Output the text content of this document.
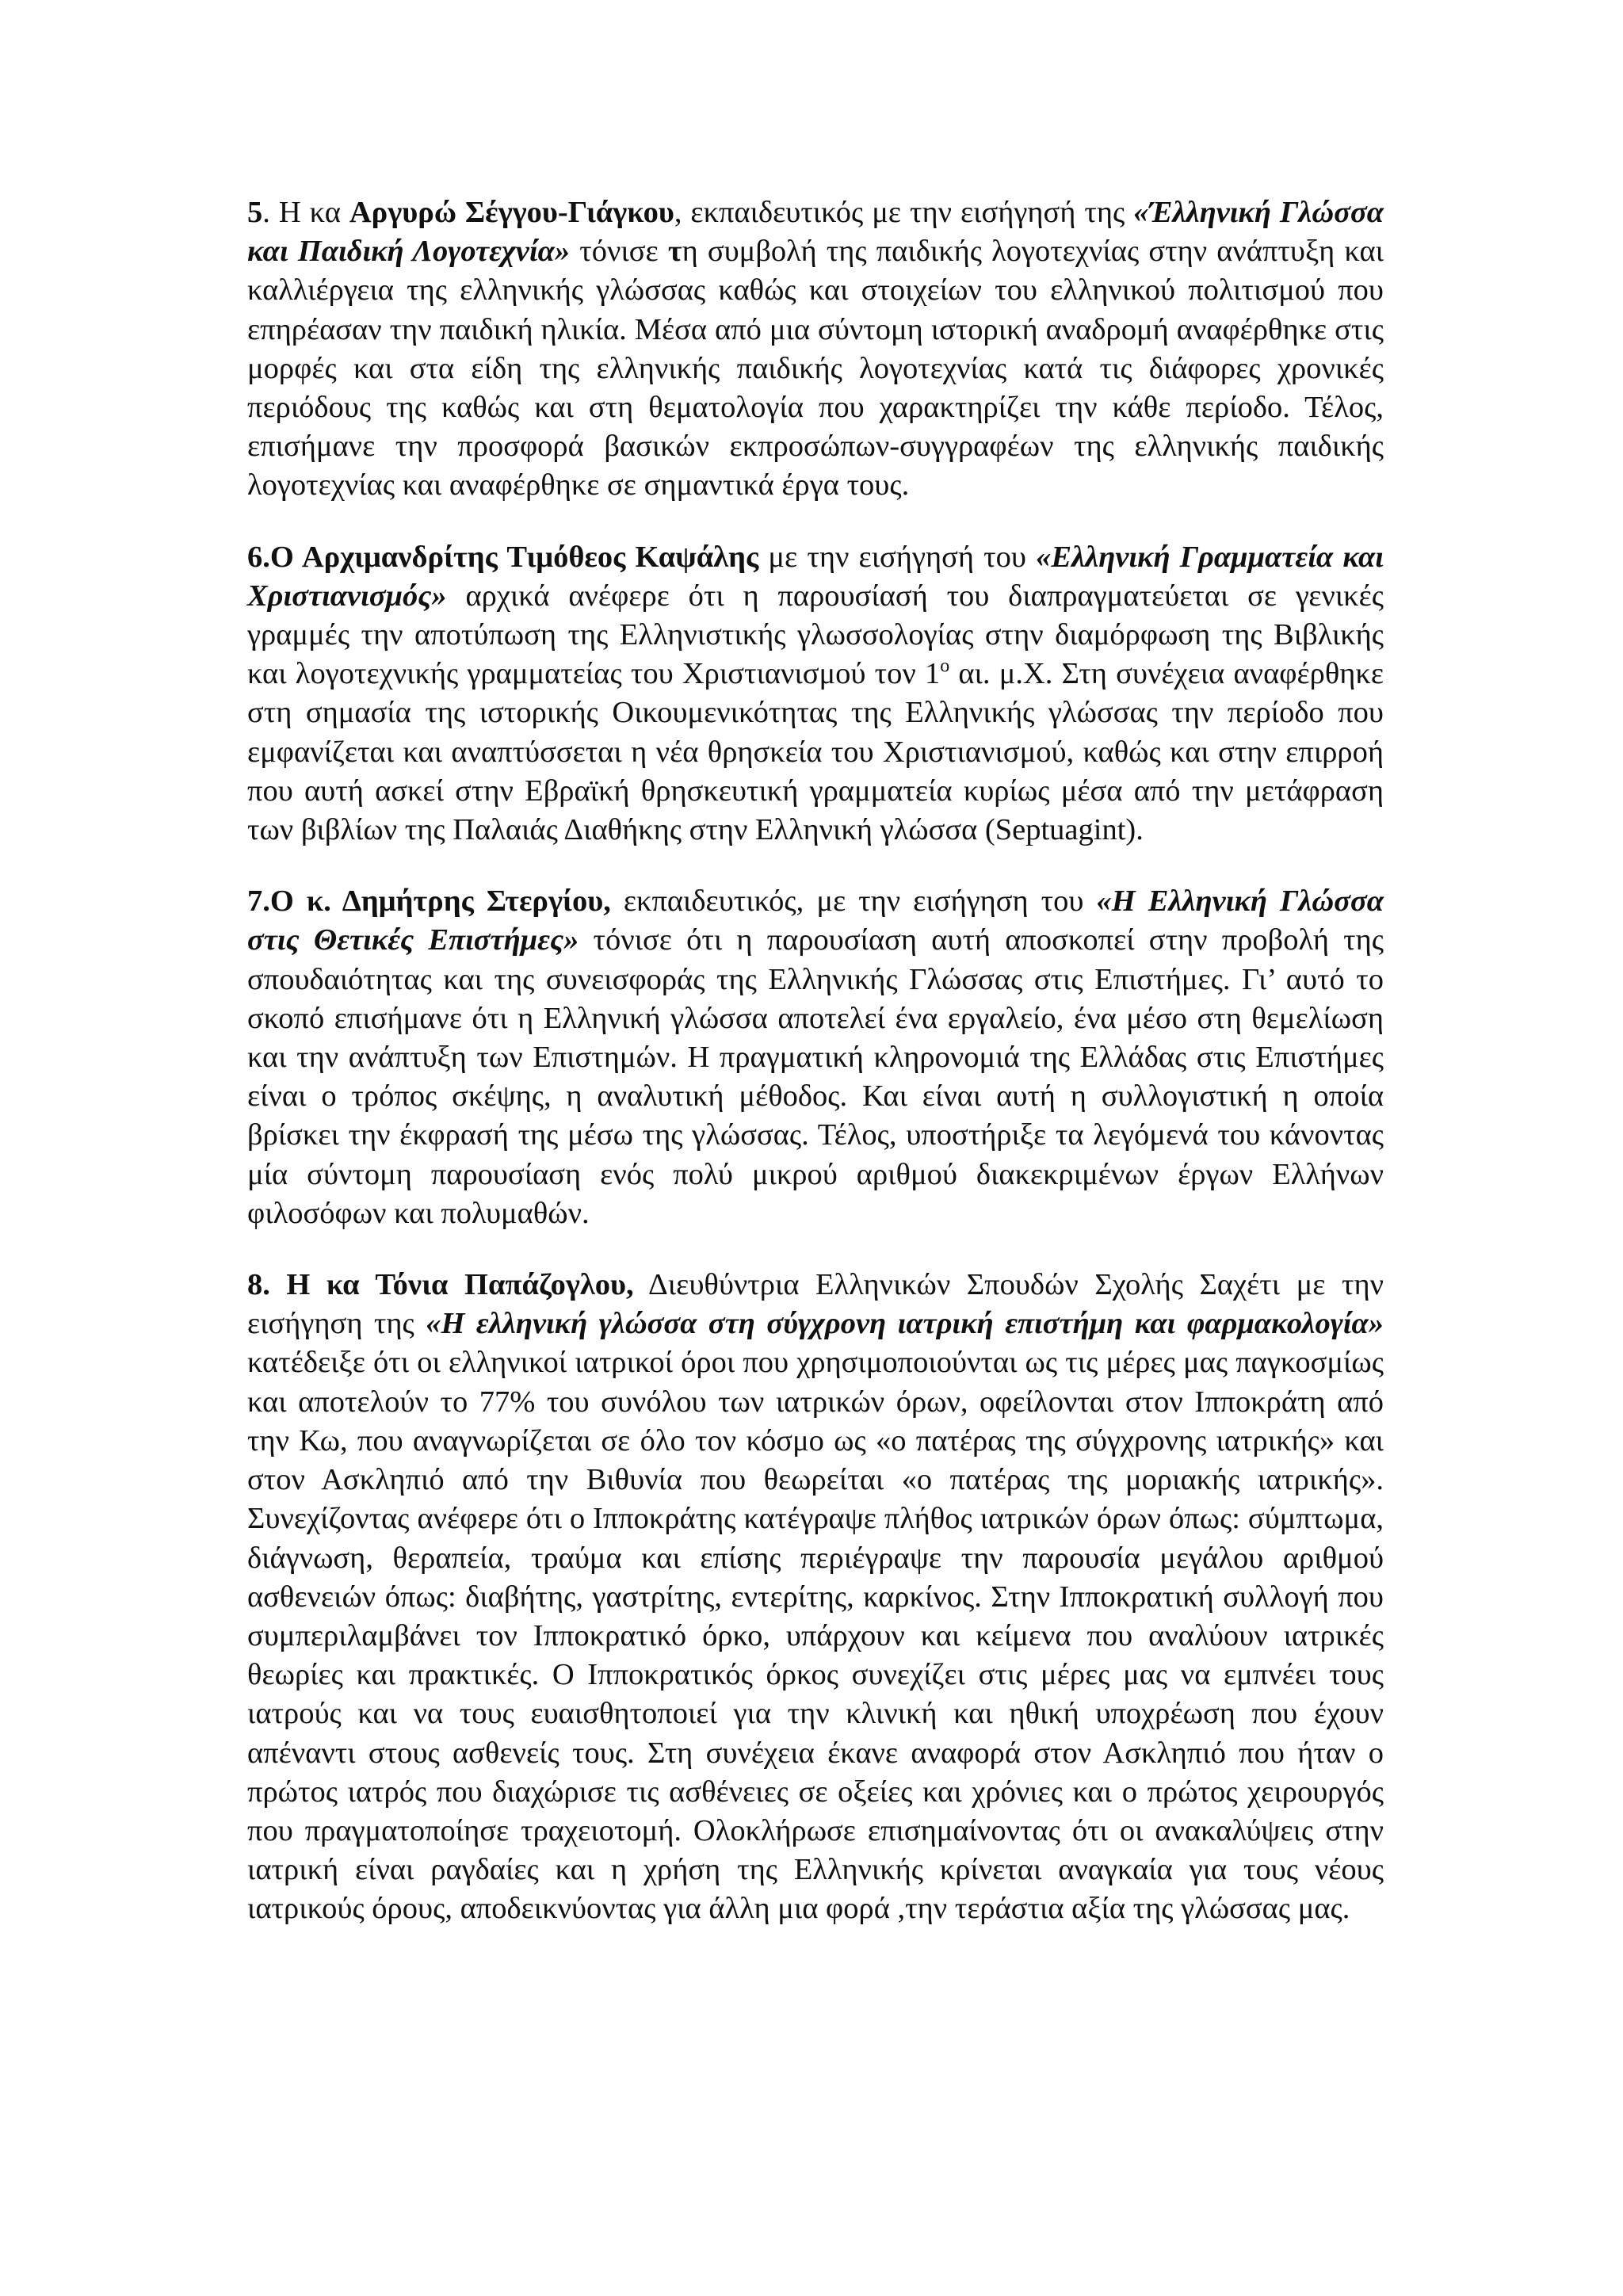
5. Η κα Αργυρώ Σέγγου-Γιάγκου, εκπαιδευτικός με την εισήγησή της «Έλληνική Γλώσσα και Παιδική Λογοτεχνία» τόνισε τη συμβολή της παιδικής λογοτεχνίας στην ανάπτυξη και καλλιέργεια της ελληνικής γλώσσας καθώς και στοιχείων του ελληνικού πολιτισμού που επηρέασαν την παιδική ηλικία. Μέσα από μια σύντομη ιστορική αναδρομή αναφέρθηκε στις μορφές και στα είδη της ελληνικής παιδικής λογοτεχνίας κατά τις διάφορες χρονικές περιόδους της καθώς και στη θεματολογία που χαρακτηρίζει την κάθε περίοδο. Τέλος, επισήμανε την προσφορά βασικών εκπροσώπων-συγγραφέων της ελληνικής παιδικής λογοτεχνίας και αναφέρθηκε σε σημαντικά έργα τους.

6.Ο Αρχιμανδρίτης Τιμόθεος Καψάλης με την εισήγησή του «Ελληνική Γραμματεία και Χριστιανισμός» αρχικά ανέφερε ότι η παρουσίασή του διαπραγματεύεται σε γενικές γραμμές την αποτύπωση της Ελληνιστικής γλωσσολογίας στην διαμόρφωση της Βιβλικής και λογοτεχνικής γραμματείας του Χριστιανισμού τον $1^o$ αι. μ.Χ. Στη συνέχεια αναφέρθηκε στη σημασία της ιστορικής Οικουμενικότητας της Ελληνικής γλώσσας την περίοδο που εμφανίζεται και αναπτύσσεται η νέα θρησκεία του Χριστιανισμού, καθώς και στην επιρροή που αυτή ασκεί στην Εβραϊκή θρησκευτική γραμματεία κυρίως μέσα από την μετάφραση των βιβλίων της Παλαιάς Διαθήκης στην Ελληνική γλώσσα (Septuagint).

7.Ο κ. Δημήτρης Στεργίου, εκπαιδευτικός, με την εισήγηση του «Η Ελληνική Γλώσσα στις Θετικές Επιστήμες» τόνισε ότι η παρουσίαση αυτή αποσκοπεί στην προβολή της σπουδαιότητας και της συνεισφοράς της Ελληνικής Γλώσσας στις Επιστήμες. Γι’ αυτό το σκοπό επισήμανε ότι η Ελληνική γλώσσα αποτελεί ένα εργαλείο, ένα μέσο στη θεμελίωση και την ανάπτυξη των Επιστημών. Η πραγματική κληρονομιά της Ελλάδας στις Επιστήμες είναι ο τρόπος σκέψης, η αναλυτική μέθοδος. Και είναι αυτή η συλλογιστική η οποία βρίσκει την έκφρασή της μέσω της γλώσσας. Τέλος, υποστήριξε τα λεγόμενά του κάνοντας μία σύντομη παρουσίαση ενός πολύ μικρού αριθμού διακεκριμένων έργων Ελλήνων φιλοσόφων και πολυμαθών.

8. Η κα Τόνια Παπάζογλου, Διευθύντρια Ελληνικών Σπουδών Σχολής Σαχέτι με την εισήγηση της «Η ελληνική γλώσσα στη σύγχρονη ιατρική επιστήμη και φαρμακολογία» κατέδειξε ότι οι ελληνικοί ιατρικοί όροι που χρησιμοποιούνται ως τις μέρες μας παγκοσμίως και αποτελούν το 77% του συνόλου των ιατρικών όρων, οφείλονται στον Ιπποκράτη από την Κω, που αναγνωρίζεται σε όλο τον κόσμο ως «ο πατέρας της σύγχρονης ιατρικής» και στον Ασκληπιό από την Βιθυνία που θεωρείται «ο πατέρας της μοριακής ιατρικής». Συνεχίζοντας ανέφερε ότι ο Ιπποκράτης κατέγραψε πλήθος ιατρικών όρων όπως: σύμπτωμα, διάγνωση, θεραπεία, τραύμα και επίσης περιέγραψε την παρουσία μεγάλου αριθμού ασθενειών όπως: διαβήτης, γαστρίτης, εντερίτης, καρκίνος. Στην Ιπποκρατική συλλογή που συμπεριλαμβάνει τον Ιπποκρατικό όρκο, υπάρχουν και κείμενα που αναλύουν ιατρικές θεωρίες και πρακτικές. Ο Ιπποκρατικός όρκος συνεχίζει στις μέρες μας να εμπνέει τους ιατρούς και να τους ευαισθητοποιεί για την κλινική και ηθική υποχρέωση που έχουν απέναντι στους ασθενείς τους. Στη συνέχεια έκανε αναφορά στον Ασκληπιό που ήταν ο πρώτος ιατρός που διαχώρισε τις ασθένειες σε οξείες και χρόνιες και ο πρώτος χειρουργός που πραγματοποίησε τραχειοτομή. Ολοκλήρωσε επισημαίνοντας ότι οι ανακαλύψεις στην ιατρική είναι ραγδαίες και η χρήση της Ελληνικής κρίνεται αναγκαία για τους νέους ιατρικούς όρους, αποδεικνύοντας για άλλη μια φορά ,την τεράστια αξία της γλώσσας μας.
